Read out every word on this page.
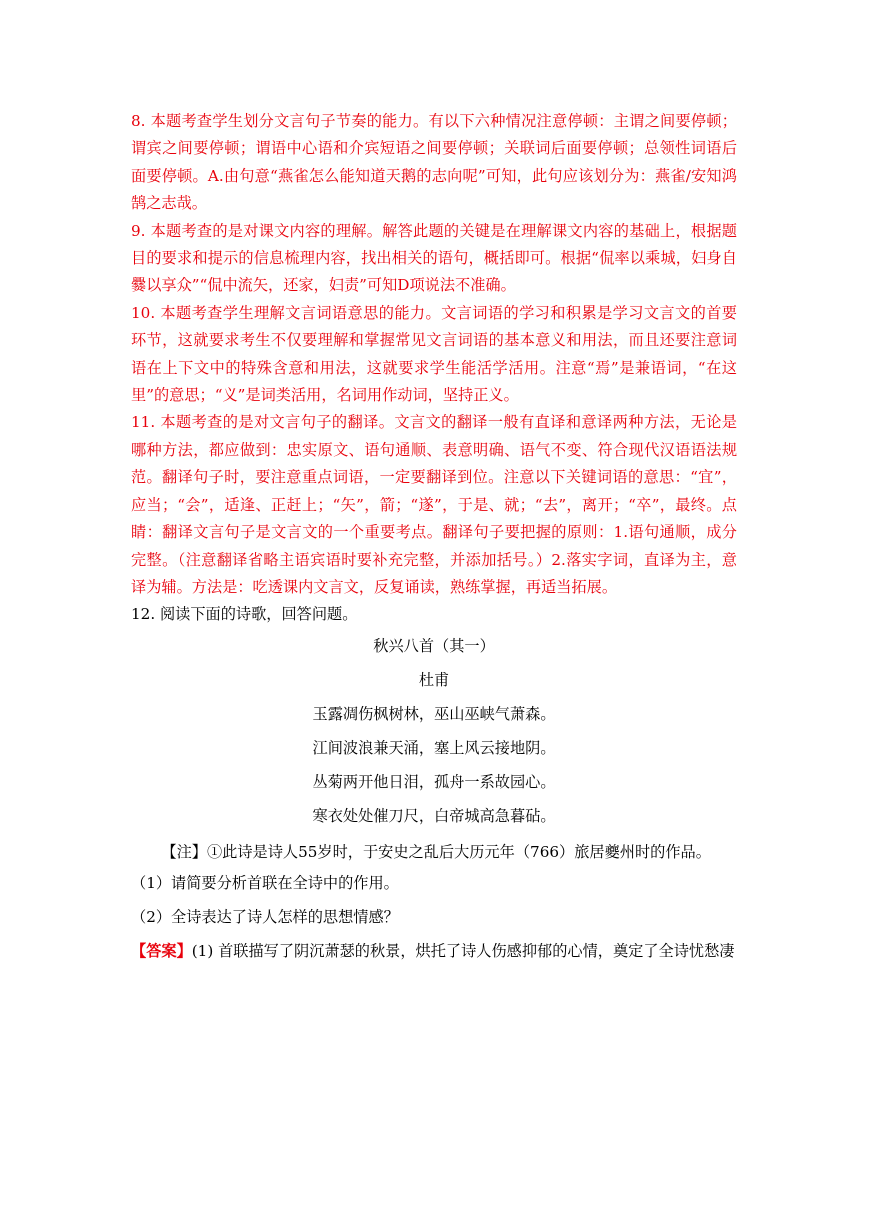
8. 本题考查学生划分文言句子节奏的能力。有以下六种情况注意停顿：主谓之间要停顿；谓宾之间要停顿；谓语中心语和介宾短语之间要停顿；关联词后面要停顿；总领性词语后面要停顿。A.由句意“燕雀怎么能知道天鹅的志向呢”可知，此句应该划分为：燕雀/安知鸿鹄之志哉。

9. 本题考查的是对课文内容的理解。解答此题的关键是在理解课文内容的基础上，根据题目的要求和提示的信息梳理内容，找出相关的语句，概括即可。根据“侃率以乘城，妇身自爨以享众”“侃中流矢，还家，妇责”可知D项说法不准确。

10. 本题考查学生理解文言词语意思的能力。文言词语的学习和积累是学习文言文的首要环节，这就要求考生不仅要理解和掌握常见文言词语的基本意义和用法，而且还要注意词语在上下文中的特殊含意和用法，这就要求学生能活学活用。注意“焉”是兼语词，“在这里”的意思；“义”是词类活用，名词用作动词，坚持正义。

11. 本题考查的是对文言句子的翻译。文言文的翻译一般有直译和意译两种方法，无论是哪种方法，都应做到：忠实原文、语句通顺、表意明确、语气不变、符合现代汉语语法规范。翻译句子时，要注意重点词语，一定要翻译到位。注意以下关键词语的意思：“宜”，应当；“会”，适逢、正赶上；“矢”，箭；“遂”，于是、就；“去”，离开；“卒”，最终。点睛：翻译文言句子是文言文的一个重要考点。翻译句子要把握的原则：1.语句通顺，成分完整。（注意翻译省略主语宾语时要补充完整，并添加括号。）2.落实字词，直译为主，意译为辅。方法是：吃透课内文言文，反复诵读，熟练掌握，再适当拓展。

12. 阅读下面的诗歌，回答问题。

秋兴八首（其一）

杜甫

玉露凋伤枫树林，巫山巫峡气萧森。

江间波浪兼天涌，塞上风云接地阴。

丛菊两开他日泪，孤舟一系故园心。

寒衣处处催刀尺，白帝城高急暮砧。

【注】①此诗是诗人55岁时，于安史之乱后大历元年（766）旅居夔州时的作品。

（1）请简要分析首联在全诗中的作用。

（2）全诗表达了诗人怎样的思想情感？

【答案】(1) 首联描写了阴沉萧瑟的秋景，烘托了诗人伤感抑郁的心情，奠定了全诗忧愁凄
